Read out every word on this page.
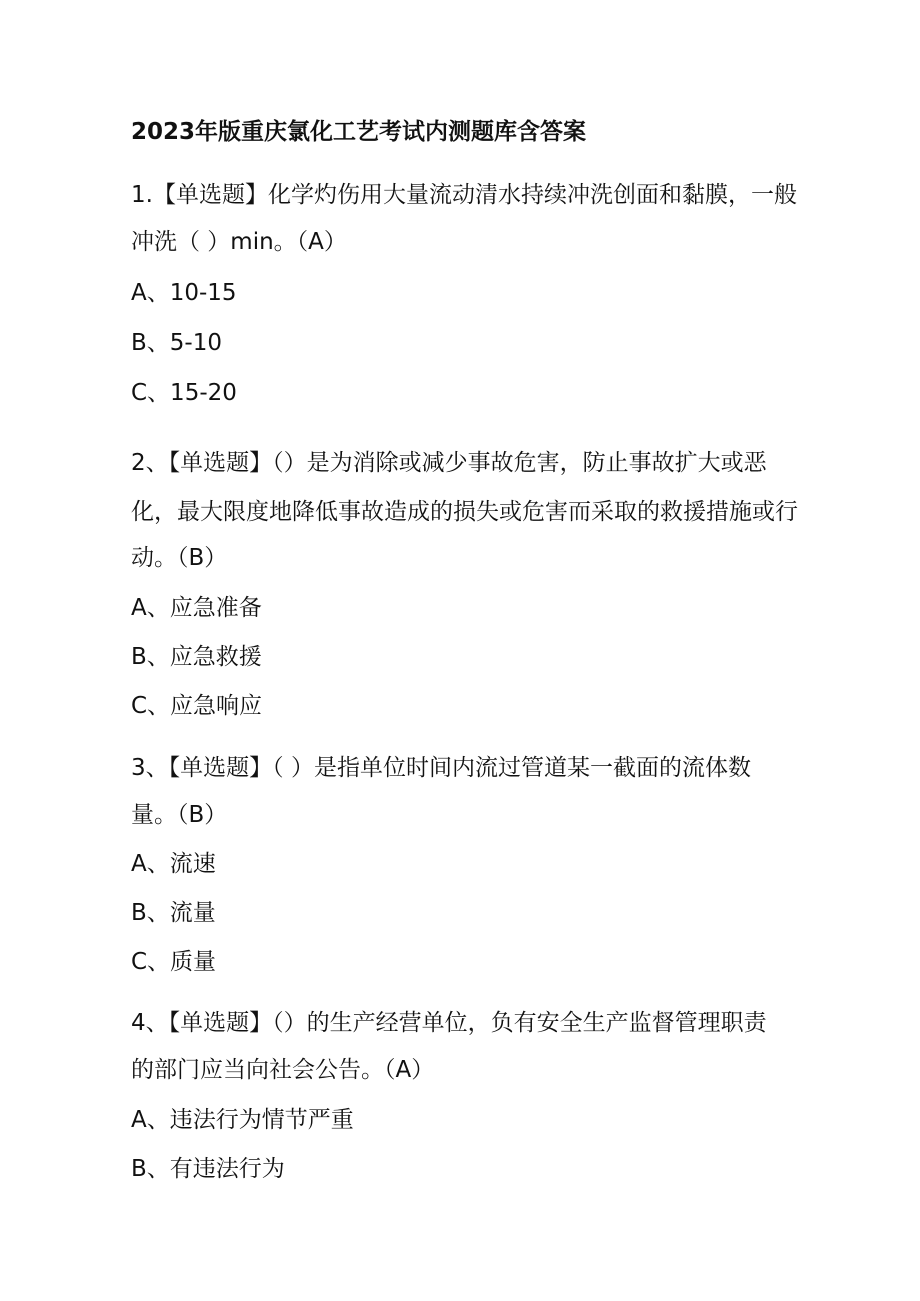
2023年版重庆氯化工艺考试内测题库含答案
1.【单选题】化学灼伤用大量流动清水持续冲洗创面和黏膜，一般
冲洗（ ）min。（A）
A、10-15
B、5-10
C、15-20
2、【单选题】（）是为消除或减少事故危害，防止事故扩大或恶
化，最大限度地降低事故造成的损失或危害而采取的救援措施或行
动。（B）
A、应急准备
B、应急救援
C、应急响应
3、【单选题】（ ）是指单位时间内流过管道某一截面的流体数
量。（B）
A、流速
B、流量
C、质量
4、【单选题】（）的生产经营单位，负有安全生产监督管理职责
的部门应当向社会公告。（A）
A、违法行为情节严重
B、有违法行为
